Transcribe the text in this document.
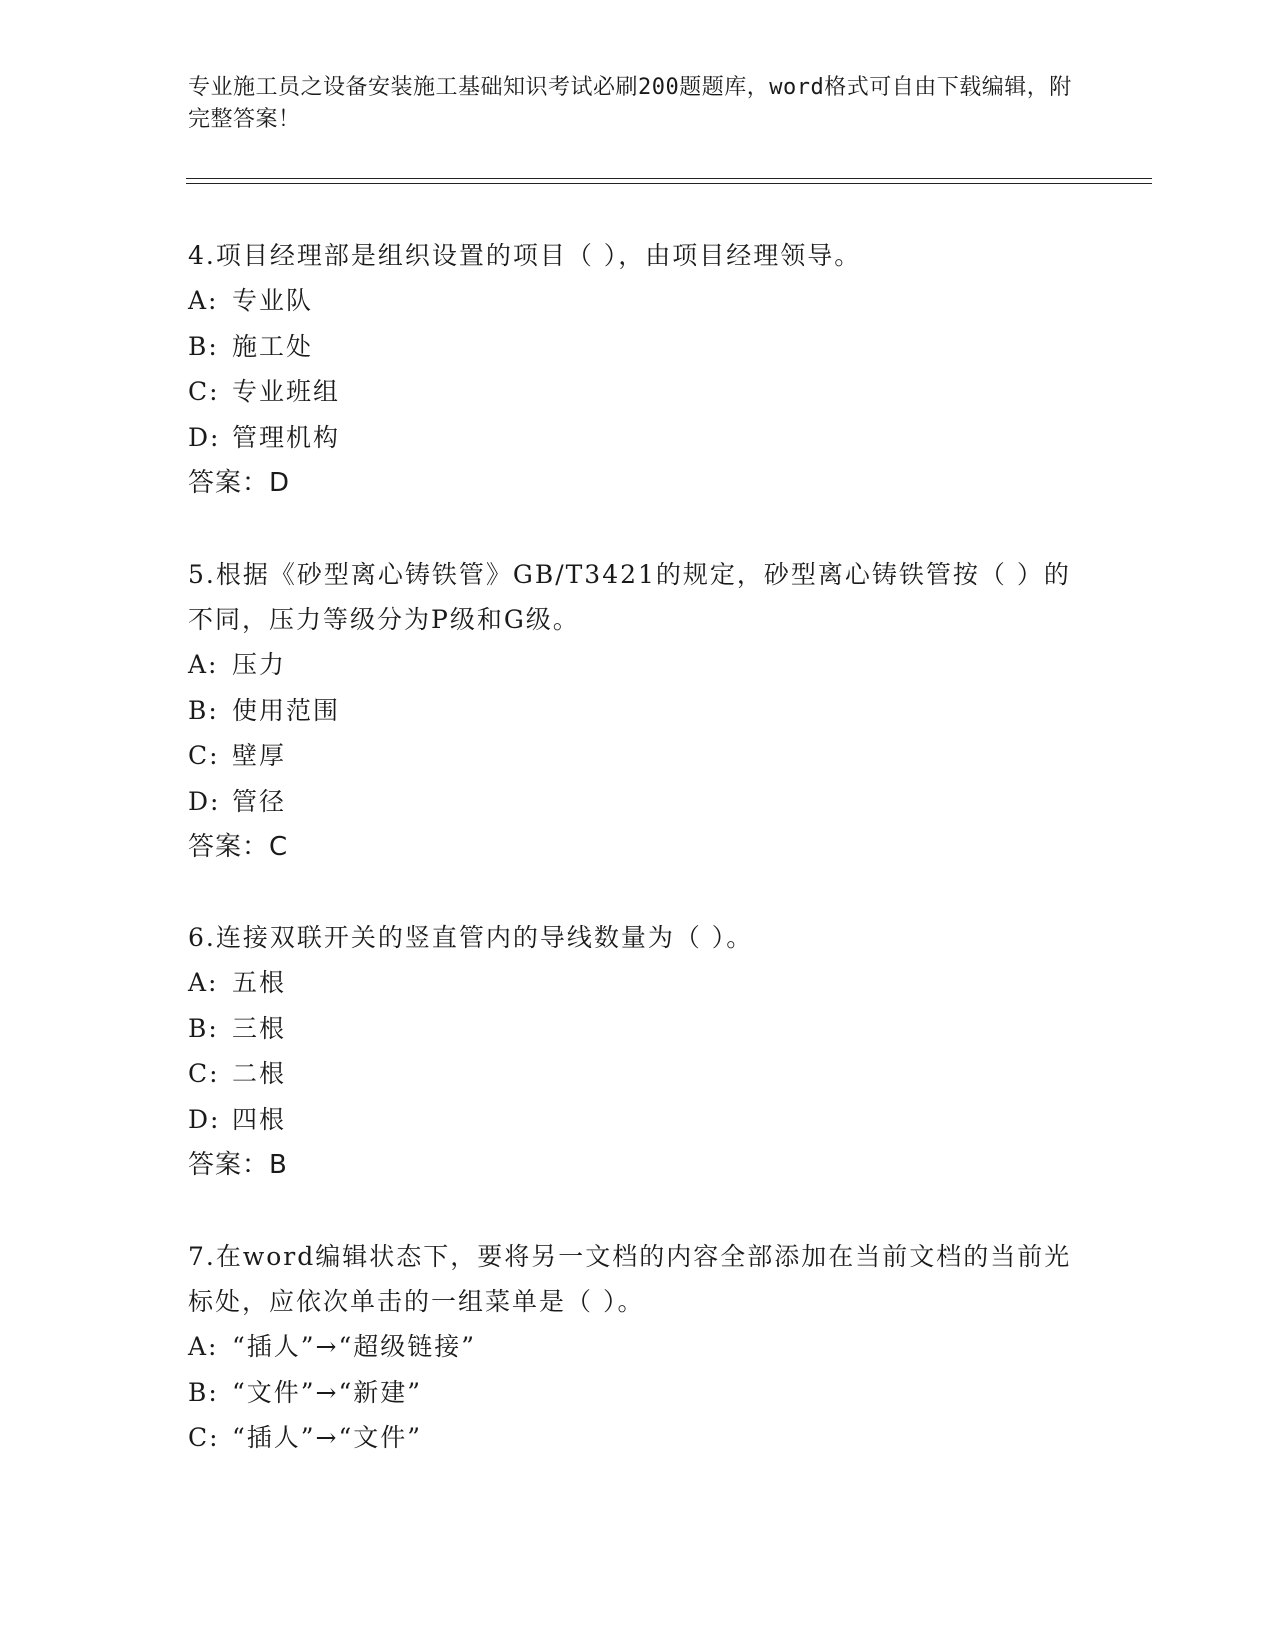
专业施工员之设备安装施工基础知识考试必刷200题题库，word格式可自由下载编辑，附完整答案！

4.项目经理部是组织设置的项目（ ），由项目经理领导。

A: 专业队
B: 施工处
C: 专业班组
D: 管理机构
答案：D

5.根据《砂型离心铸铁管》GB/T3421的规定，砂型离心铸铁管按（ ）的不同，压力等级分为P级和G级。

A: 压力
B: 使用范围
C: 壁厚
D: 管径
答案：C

6.连接双联开关的竖直管内的导线数量为（ ）。

A: 五根
B: 三根
C: 二根
D: 四根
答案：B

7.在word编辑状态下，要将另一文档的内容全部添加在当前文档的当前光标处，应依次单击的一组菜单是（ ）。

A: “插人”→“超级链接”
B: “文件”→“新建”
C: “插人”→“文件”
